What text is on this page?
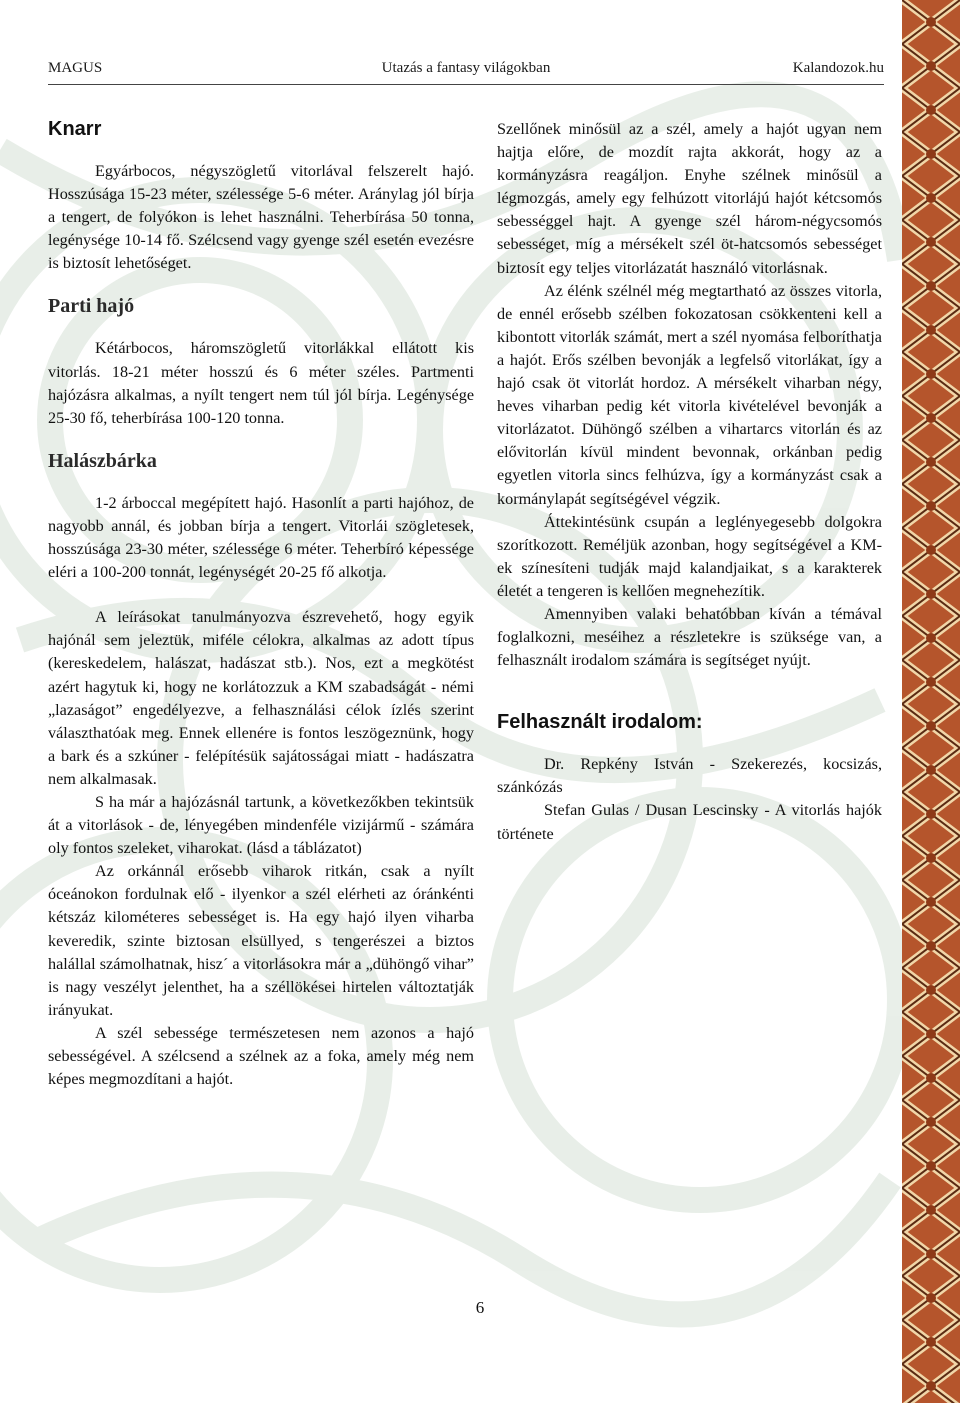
MAGUS	Utazás a fantasy világokban	Kalandozok.hu
Knarr

Egyárbocos, négyszögletű vitorlával felszerelt hajó. Hosszúsága 15-23 méter, szélessége 5-6 méter. Aránylag jól bírja a tengert, de folyókon is lehet használni. Teherbírása 50 tonna, legénysége 10-14 fő. Szélcsend vagy gyenge szél esetén evezésre is biztosít lehetőséget.

Parti hajó

Kétárbocos, háromszögletű vitorlákkal ellátott kis vitorlás. 18-21 méter hosszú és 6 méter széles. Partmenti hajózásra alkalmas, a nyílt tengert nem túl jól bírja. Legénysége 25-30 fő, teherbírása 100-120 tonna.

Halászbárka

1-2 árboccal megépített hajó. Hasonlít a parti hajóhoz, de nagyobb annál, és jobban bírja a tengert. Vitorlái szögletesek, hosszúsága 23-30 méter, szélessége 6 méter. Teherbíró képessége eléri a 100-200 tonnát, legénységét 20-25 fő alkotja.

A leírásokat tanulmányozva észrevehető, hogy egyik hajónál sem jeleztük, miféle célokra, alkalmas az adott típus (kereskedelem, halászat, hadászat stb.). Nos, ezt a megkötést azért hagytuk ki, hogy ne korlátozzuk a KM szabadságát - némi „lazaságot” engedélyezve, a felhasználási célok ízlés szerint választhatóak meg. Ennek ellenére is fontos leszögeznünk, hogy a bark és a szkúner - felépítésük sajátosságai miatt - hadászatra nem alkalmasak.

S ha már a hajózásnál tartunk, a következőkben tekintsük át a vitorlások - de, lényegében mindenféle vizijármű - számára oly fontos szeleket, viharokat. (lásd a táblázatot)

Az orkánnál erősebb viharok ritkán, csak a nyílt óceánokon fordulnak elő - ilyenkor a szél elérheti az óránkénti kétszáz kilométeres sebességet is. Ha egy hajó ilyen viharba keveredik, szinte biztosan elsüllyed, s tengerészei a biztos halállal számolhatnak, hisz´ a vitorlásokra már a „dühöngő vihar” is nagy veszélyt jelenthet, ha a széllökései hirtelen változtatják irányukat.

A szél sebessége természetesen nem azonos a hajó sebességével. A szélcsend a szélnek az a foka, amely még nem képes megmozdítani a hajót.

Szellőnek minősül az a szél, amely a hajót ugyan nem hajtja előre, de mozdít rajta akkorát, hogy az a kormányzásra reagáljon. Enyhe szélnek minősül a légmozgás, amely egy felhúzott vitorlájú hajót kétcsomós sebességgel hajt. A gyenge szél három-négycsomós sebességet, míg a mérsékelt szél öt-hatcsomós sebességet biztosít egy teljes vitorlázatát használó vitorlásnak.

Az élénk szélnél még megtartható az összes vitorla, de ennél erősebb szélben fokozatosan csökkenteni kell a kibontott vitorlák számát, mert a szél nyomása felboríthatja a hajót. Erős szélben bevonják a legfelső vitorlákat, így a hajó csak öt vitorlát hordoz. A mérsékelt viharban négy, heves viharban pedig két vitorla kivételével bevonják a vitorlázatot. Dühöngő szélben a vihartarcs vitorlán és az elővitorlán kívül mindent bevonnak, orkánban pedig egyetlen vitorla sincs felhúzva, így a kormányzást csak a kormánylapát segítségével végzik.

Áttekintésünk csupán a leglényegesebb dolgokra szorítkozott. Reméljük azonban, hogy segítségével a KM-ek színesíteni tudják majd kalandjaikat, s a karakterek életét a tengeren is kellően megnehezítik.

Amennyiben valaki behatóbban kíván a témával foglalkozni, meséihez a részletekre is szüksége van, a felhasznált irodalom számára is segítséget nyújt.

Felhasznált irodalom:

Dr. Repkény István - Szekerezés, kocsizás, szánkózás

Stefan Gulas / Dusan Lescinsky - A vitorlás hajók története

6
